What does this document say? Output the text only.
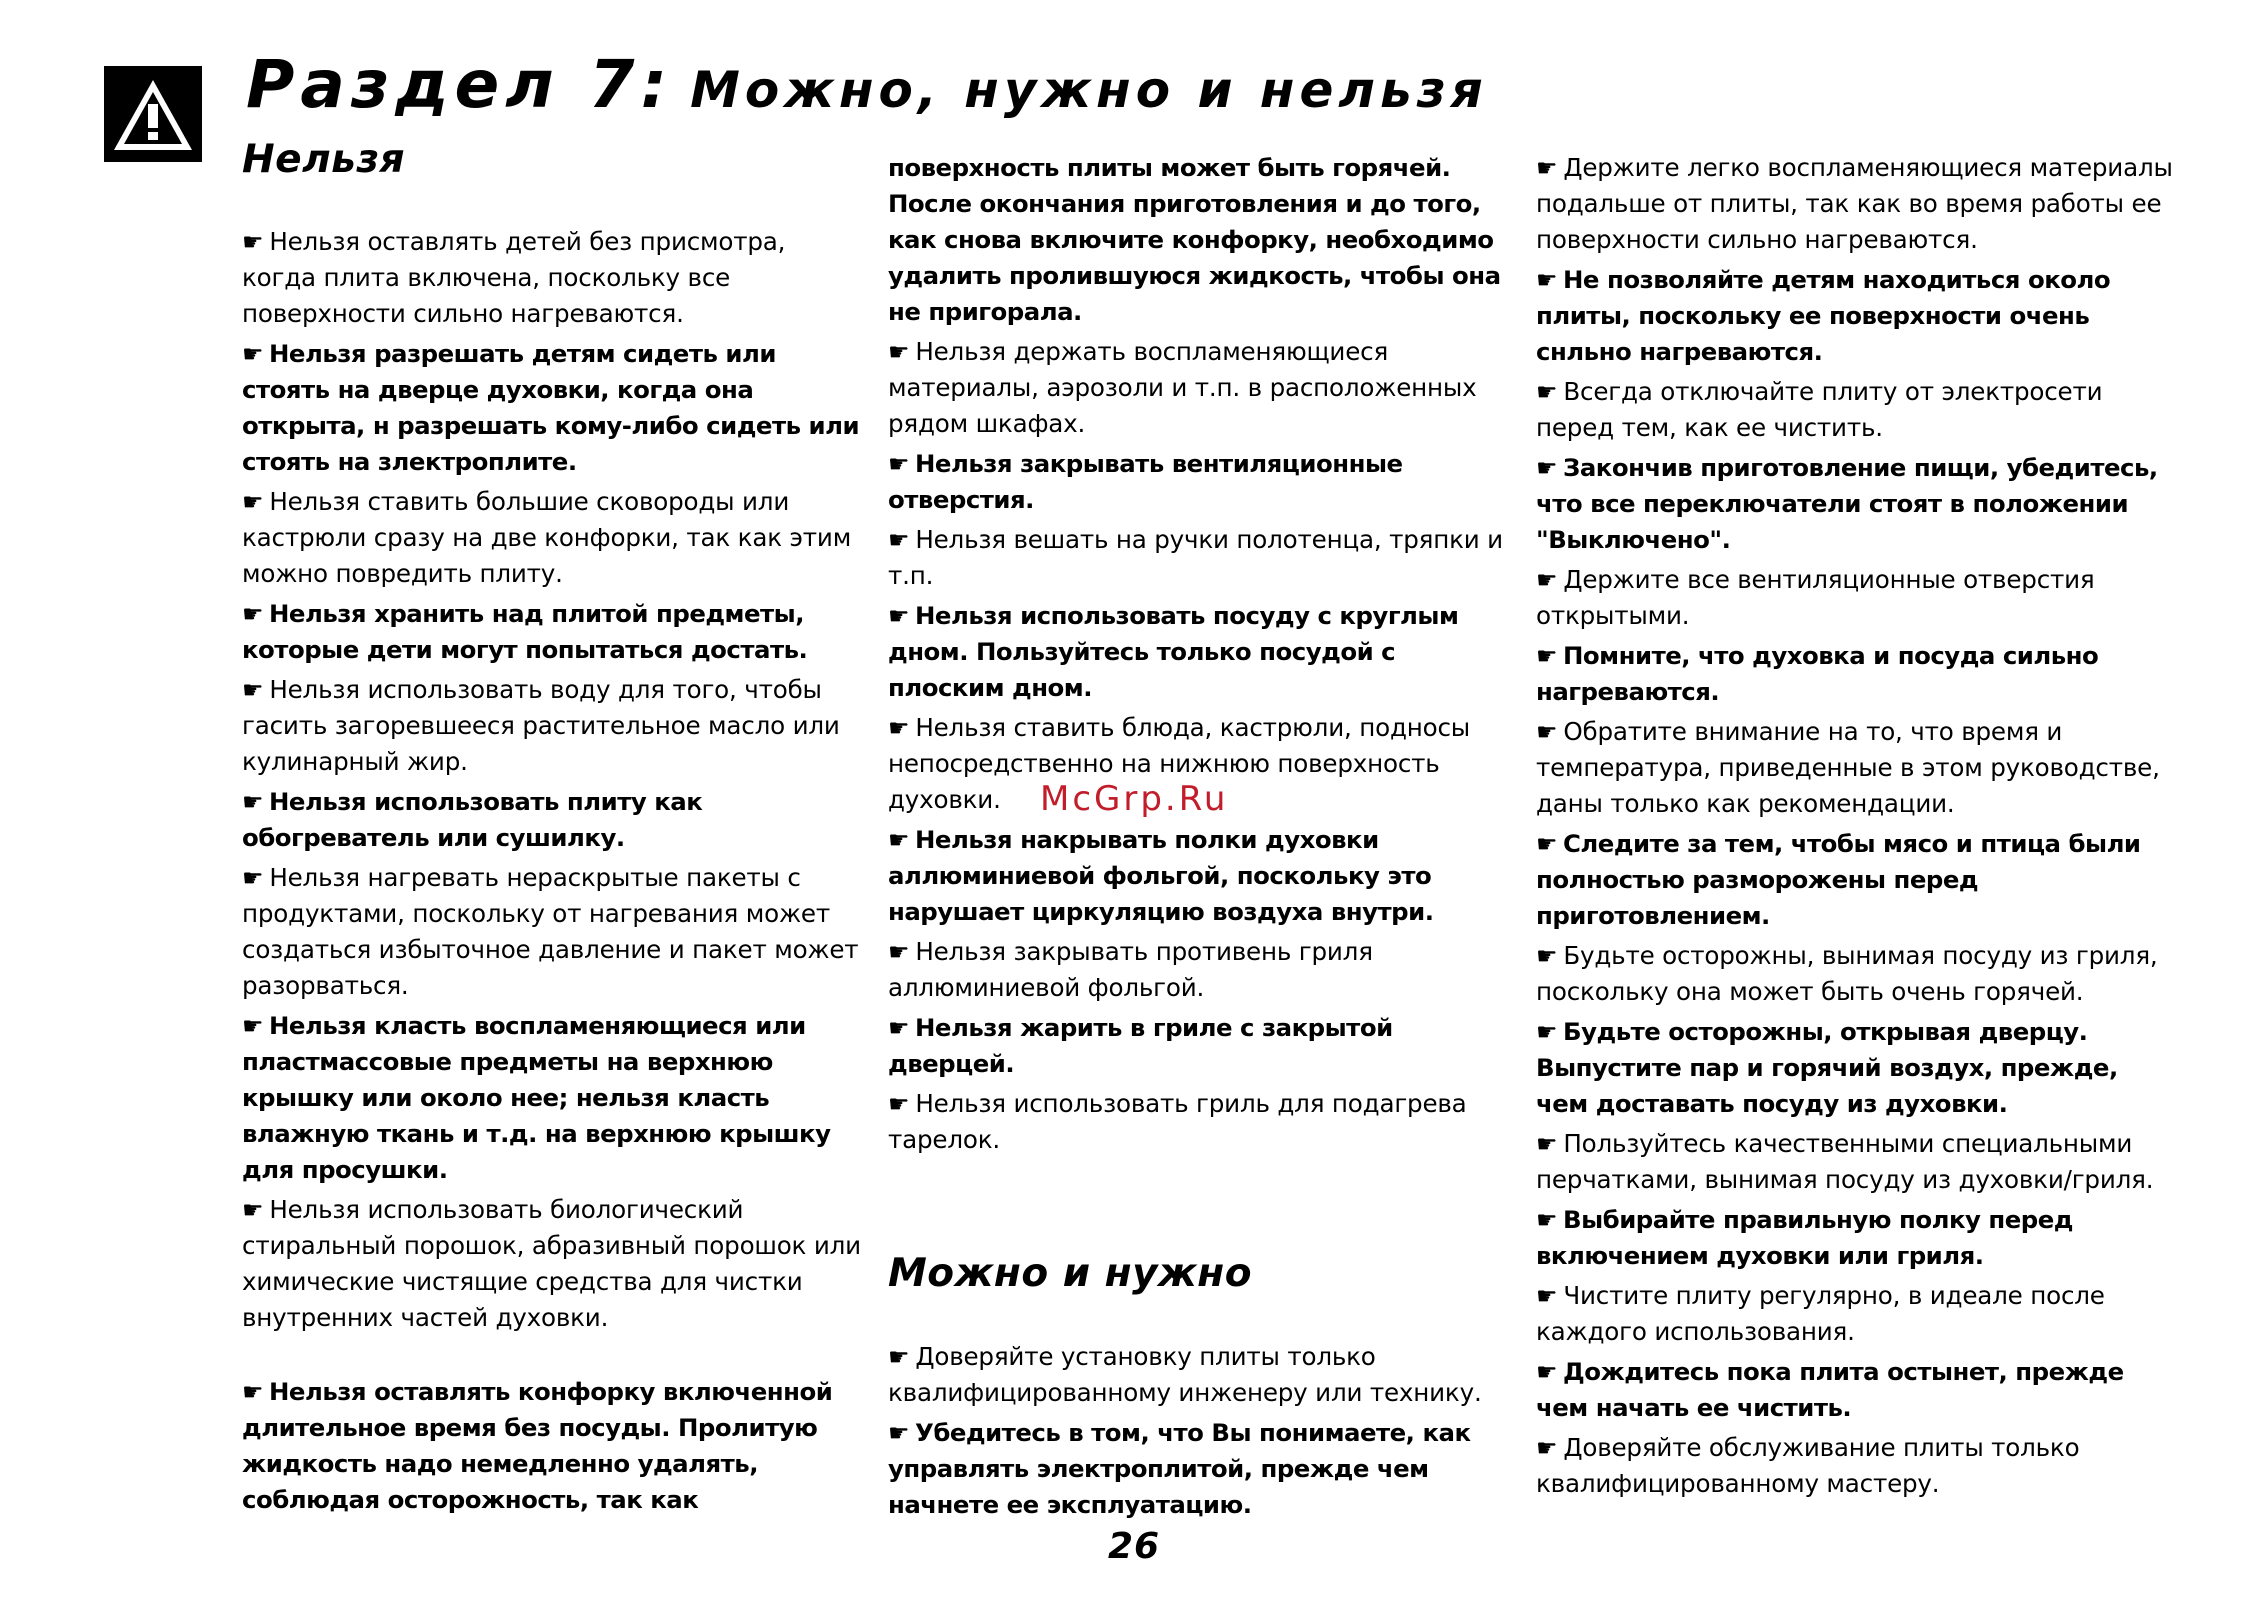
Раздел 7: Можно, нужно и нельзя
Нельзя

☛ Нельзя оставлять детей без присмотра, когда плита включена, поскольку все поверхности сильно нагреваются.

☛ Нельзя разрешать детям сидеть или стоять на дверце духовки, когда она открыта, н разрешать кому-либо сидеть или стоять на злектроплите.

☛ Нельзя ставить большие сковороды или кастрюли сразу на две конфорки, так как этим можно повредить плиту.

☛ Нельзя хранить над плитой предметы, которые дети могут попытаться достать.

☛ Нельзя использовать воду для того, чтобы гасить загоревшееся растительное масло или кулинарный жир.

☛ Нельзя использовать плиту как обогреватель или сушилку.

☛ Нельзя нагревать нераскрытые пакеты с продуктами, поскольку от нагревания может создаться избыточное давление и пакет может разорваться.

☛ Нельзя класть воспламеняющиеся или пластмассовые предметы на верхнюю крышку или около нее; нельзя класть влажную ткань и т.д. на верхнюю крышку для просушки.

☛ Нельзя использовать биологический стиральный порошок, абразивный порошок или химические чистящие средства для чистки внутренних частей духовки.

☛ Нельзя оставлять конфорку включенной длительное время без посуды. Пролитую жидкость надо немедленно удалять, соблюдая осторожность, так как

поверхность плиты может быть горячей. После окончания приготовления и до того, как снова включите конфорку, необходимо удалить пролившуюся жидкость, чтобы она не пригорала.

☛ Нельзя держать воспламеняющиеся материалы, аэрозоли и т.п. в расположенных рядом шкафах.

☛ Нельзя закрывать вентиляционные отверстия.

☛ Нельзя вешать на ручки полотенца, тряпки и т.п.

☛ Нельзя использовать посуду с круглым дном. Пользуйтесь только посудой с плоским дном.

☛ Нельзя ставить блюда, кастрюли, подносы непосредственно на нижнюю поверхность духовки.

☛ Нельзя накрывать полки духовки аллюминиевой фольгой, поскольку это нарушает циркуляцию воздуха внутри.

☛ Нельзя закрывать противень гриля аллюминиевой фольгой.

☛ Нельзя жарить в гриле с закрытой дверцей.

☛ Нельзя использовать гриль для подагрева тарелок.

Можно и нужно

☛ Доверяйте установку плиты только квалифицированному инженеру или технику.

☛ Убедитесь в том, что Вы понимаете, как управлять электроплитой, прежде чем начнете ее эксплуатацию.

☛ Держите легко воспламеняющиеся материалы подальше от плиты, так как во время работы ее поверхности сильно нагреваются.

☛ Не позволяйте детям находиться около плиты, поскольку ее поверхности очень снльно нагреваются.

☛ Всегда отключайте плиту от электросети перед тем, как ее чистить.

☛ Закончив приготовление пищи, убедитесь, что все переключатели стоят в положении "Выключено".

☛ Держите все вентиляционные отверстия открытыми.

☛ Помните, что духовка и посуда сильно нагреваются.

☛ Обратите внимание на то, что время и температура, приведенные в этом руководстве, даны только как рекомендации.

☛ Следите за тем, чтобы мясо и птица были полностью разморожены перед приготовлением.

☛ Будьте осторожны, вынимая посуду из гриля, поскольку она может быть очень горячей.

☛ Будьте осторожны, открывая дверцу. Выпустите пар и горячий воздух, прежде, чем доставать посуду из духовки.

☛ Пользуйтесь качественными специальными перчатками, вынимая посуду из духовки/гриля.

☛ Выбирайте правильную полку перед включением духовки или гриля.

☛ Чистите плиту регулярно, в идеале после каждого использования.

☛ Дождитесь пока плита остынет, прежде чем начать ее чистить.

☛ Доверяйте обслуживание плиты только квалифицированному мастеру.

McGrp.Ru
26
